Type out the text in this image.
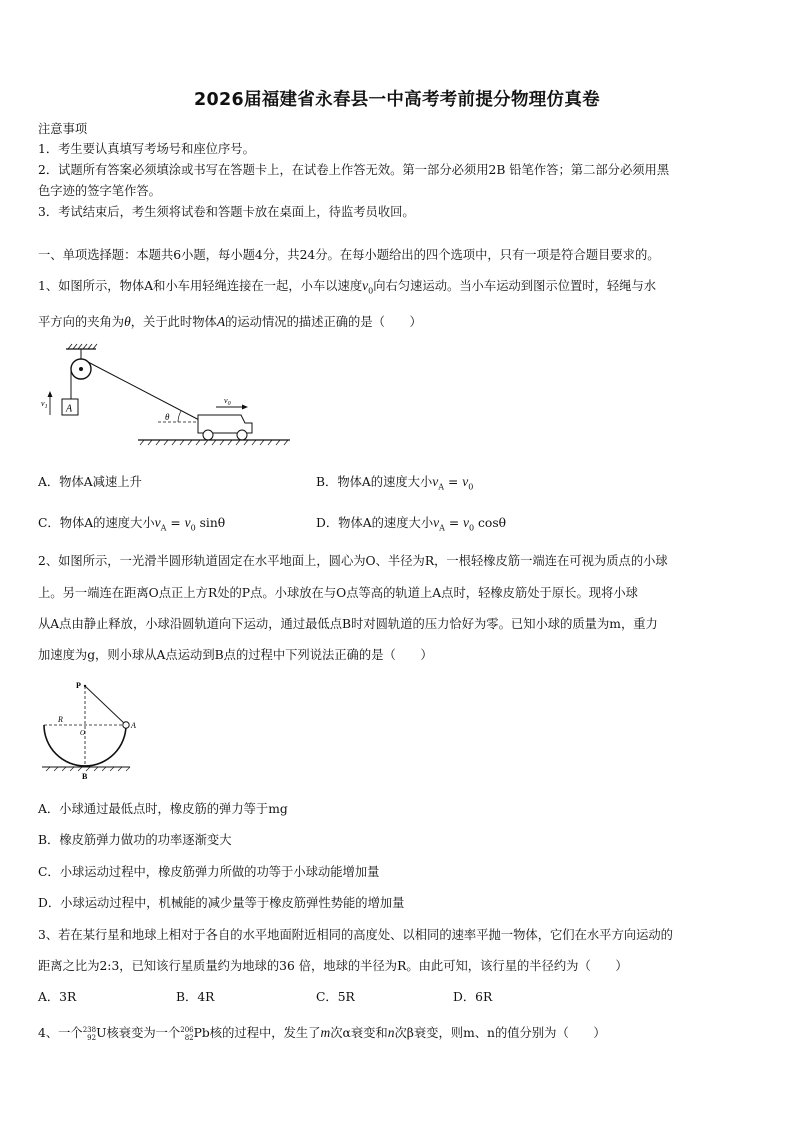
2026届福建省永春县一中高考考前提分物理仿真卷
注意事项
1．考生要认真填写考场号和座位序号。
2．试题所有答案必须填涂或书写在答题卡上，在试卷上作答无效。第一部分必须用2B 铅笔作答；第二部分必须用黑
色字迹的签字笔作答。
3．考试结束后，考生须将试卷和答题卡放在桌面上，待监考员收回。
一、单项选择题：本题共6小题，每小题4分，共24分。在每小题给出的四个选项中，只有一项是符合题目要求的。
1、如图所示，物体A和小车用轻绳连接在一起，小车以速度$v_0$向右匀速运动。当小车运动到图示位置时，轻绳与水
平方向的夹角为θ，关于此时物体A的运动情况的描述正确的是（　　）
A
$v_1$
θ
$v_0$
A．物体A减速上升	B．物体A的速度大小$v_A = v_0$
C．物体A的速度大小$v_A = v_0$ sinθ	D．物体A的速度大小$v_A = v_0$ cosθ
2、如图所示，一光滑半圆形轨道固定在水平地面上，圆心为O、半径为R，一根轻橡皮筋一端连在可视为质点的小球
上。另一端连在距离O点正上方R处的P点。小球放在与O点等高的轨道上A点时，轻橡皮筋处于原长。现将小球
从A点由静止释放，小球沿圆轨道向下运动，通过最低点B时对圆轨道的压力恰好为零。已知小球的质量为m，重力
加速度为g，则小球从A点运动到B点的过程中下列说法正确的是（　　）
P
R
O
A
B
A．小球通过最低点时，橡皮筋的弹力等于mg
B．橡皮筋弹力做功的功率逐渐变大
C．小球运动过程中，橡皮筋弹力所做的功等于小球动能增加量
D．小球运动过程中，机械能的减少量等于橡皮筋弹性势能的增加量
3、若在某行星和地球上相对于各自的水平地面附近相同的高度处、以相同的速率平抛一物体，它们在水平方向运动的
距离之比为2:3，已知该行星质量约为地球的36 倍，地球的半径为R。由此可知，该行星的半径约为（　　）
A．3R	B．4R	C．5R	D．6R
4、一个 238
92 U核衰变为一个 206
82 Pb核的过程中，发生了m次α衰变和n次β衰变，则m、n的值分别为（　　）
